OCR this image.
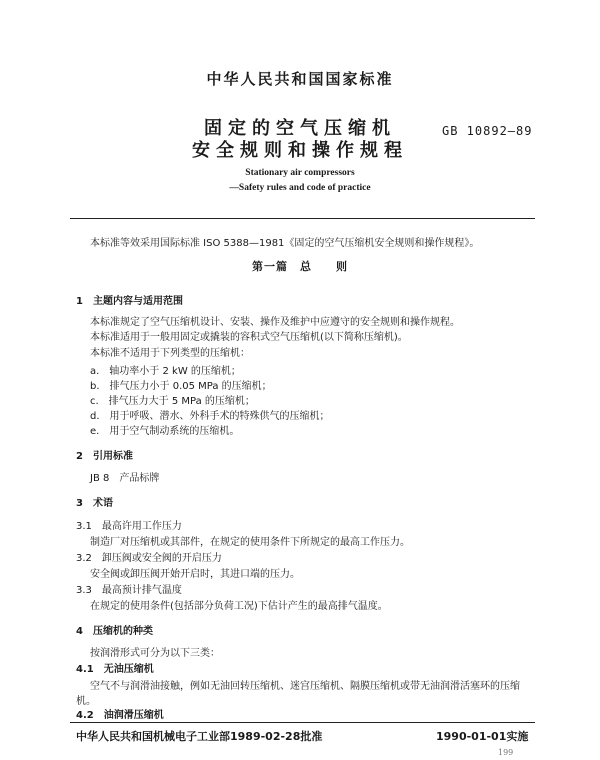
中华人民共和国国家标准
固定的空气压缩机
安全规则和操作规程
GB 10892—89
Stationary air compressors
—Safety rules and code of practice
本标准等效采用国际标准 ISO 5388—1981《固定的空气压缩机安全规则和操作规程》。
第一篇　总　　则
1　主题内容与适用范围
本标准规定了空气压缩机设计、安装、操作及维护中应遵守的安全规则和操作规程。
本标准适用于一般用固定或撬装的容积式空气压缩机(以下简称压缩机)。
本标准不适用于下列类型的压缩机：
a.　轴功率小于 2 kW 的压缩机；
b.　排气压力小于 0.05 MPa 的压缩机；
c.　排气压力大于 5 MPa 的压缩机；
d.　用于呼吸、潜水、外科手术的特殊供气的压缩机；
e.　用于空气制动系统的压缩机。
2　引用标准
JB 8　产品标牌
3　术语
3.1　最高许用工作压力
制造厂对压缩机或其部件，在规定的使用条件下所规定的最高工作压力。
3.2　卸压阀或安全阀的开启压力
安全阀或卸压阀开始开启时，其进口端的压力。
3.3　最高预计排气温度
在规定的使用条件(包括部分负荷工况)下估计产生的最高排气温度。
4　压缩机的种类
按润滑形式可分为以下三类：
4.1　无油压缩机
空气不与润滑油接触，例如无油回转压缩机、迷宫压缩机、隔膜压缩机或带无油润滑活塞环的压缩
机。
4.2　油润滑压缩机
中华人民共和国机械电子工业部1989-02-28批准	1990-01-01实施
199
